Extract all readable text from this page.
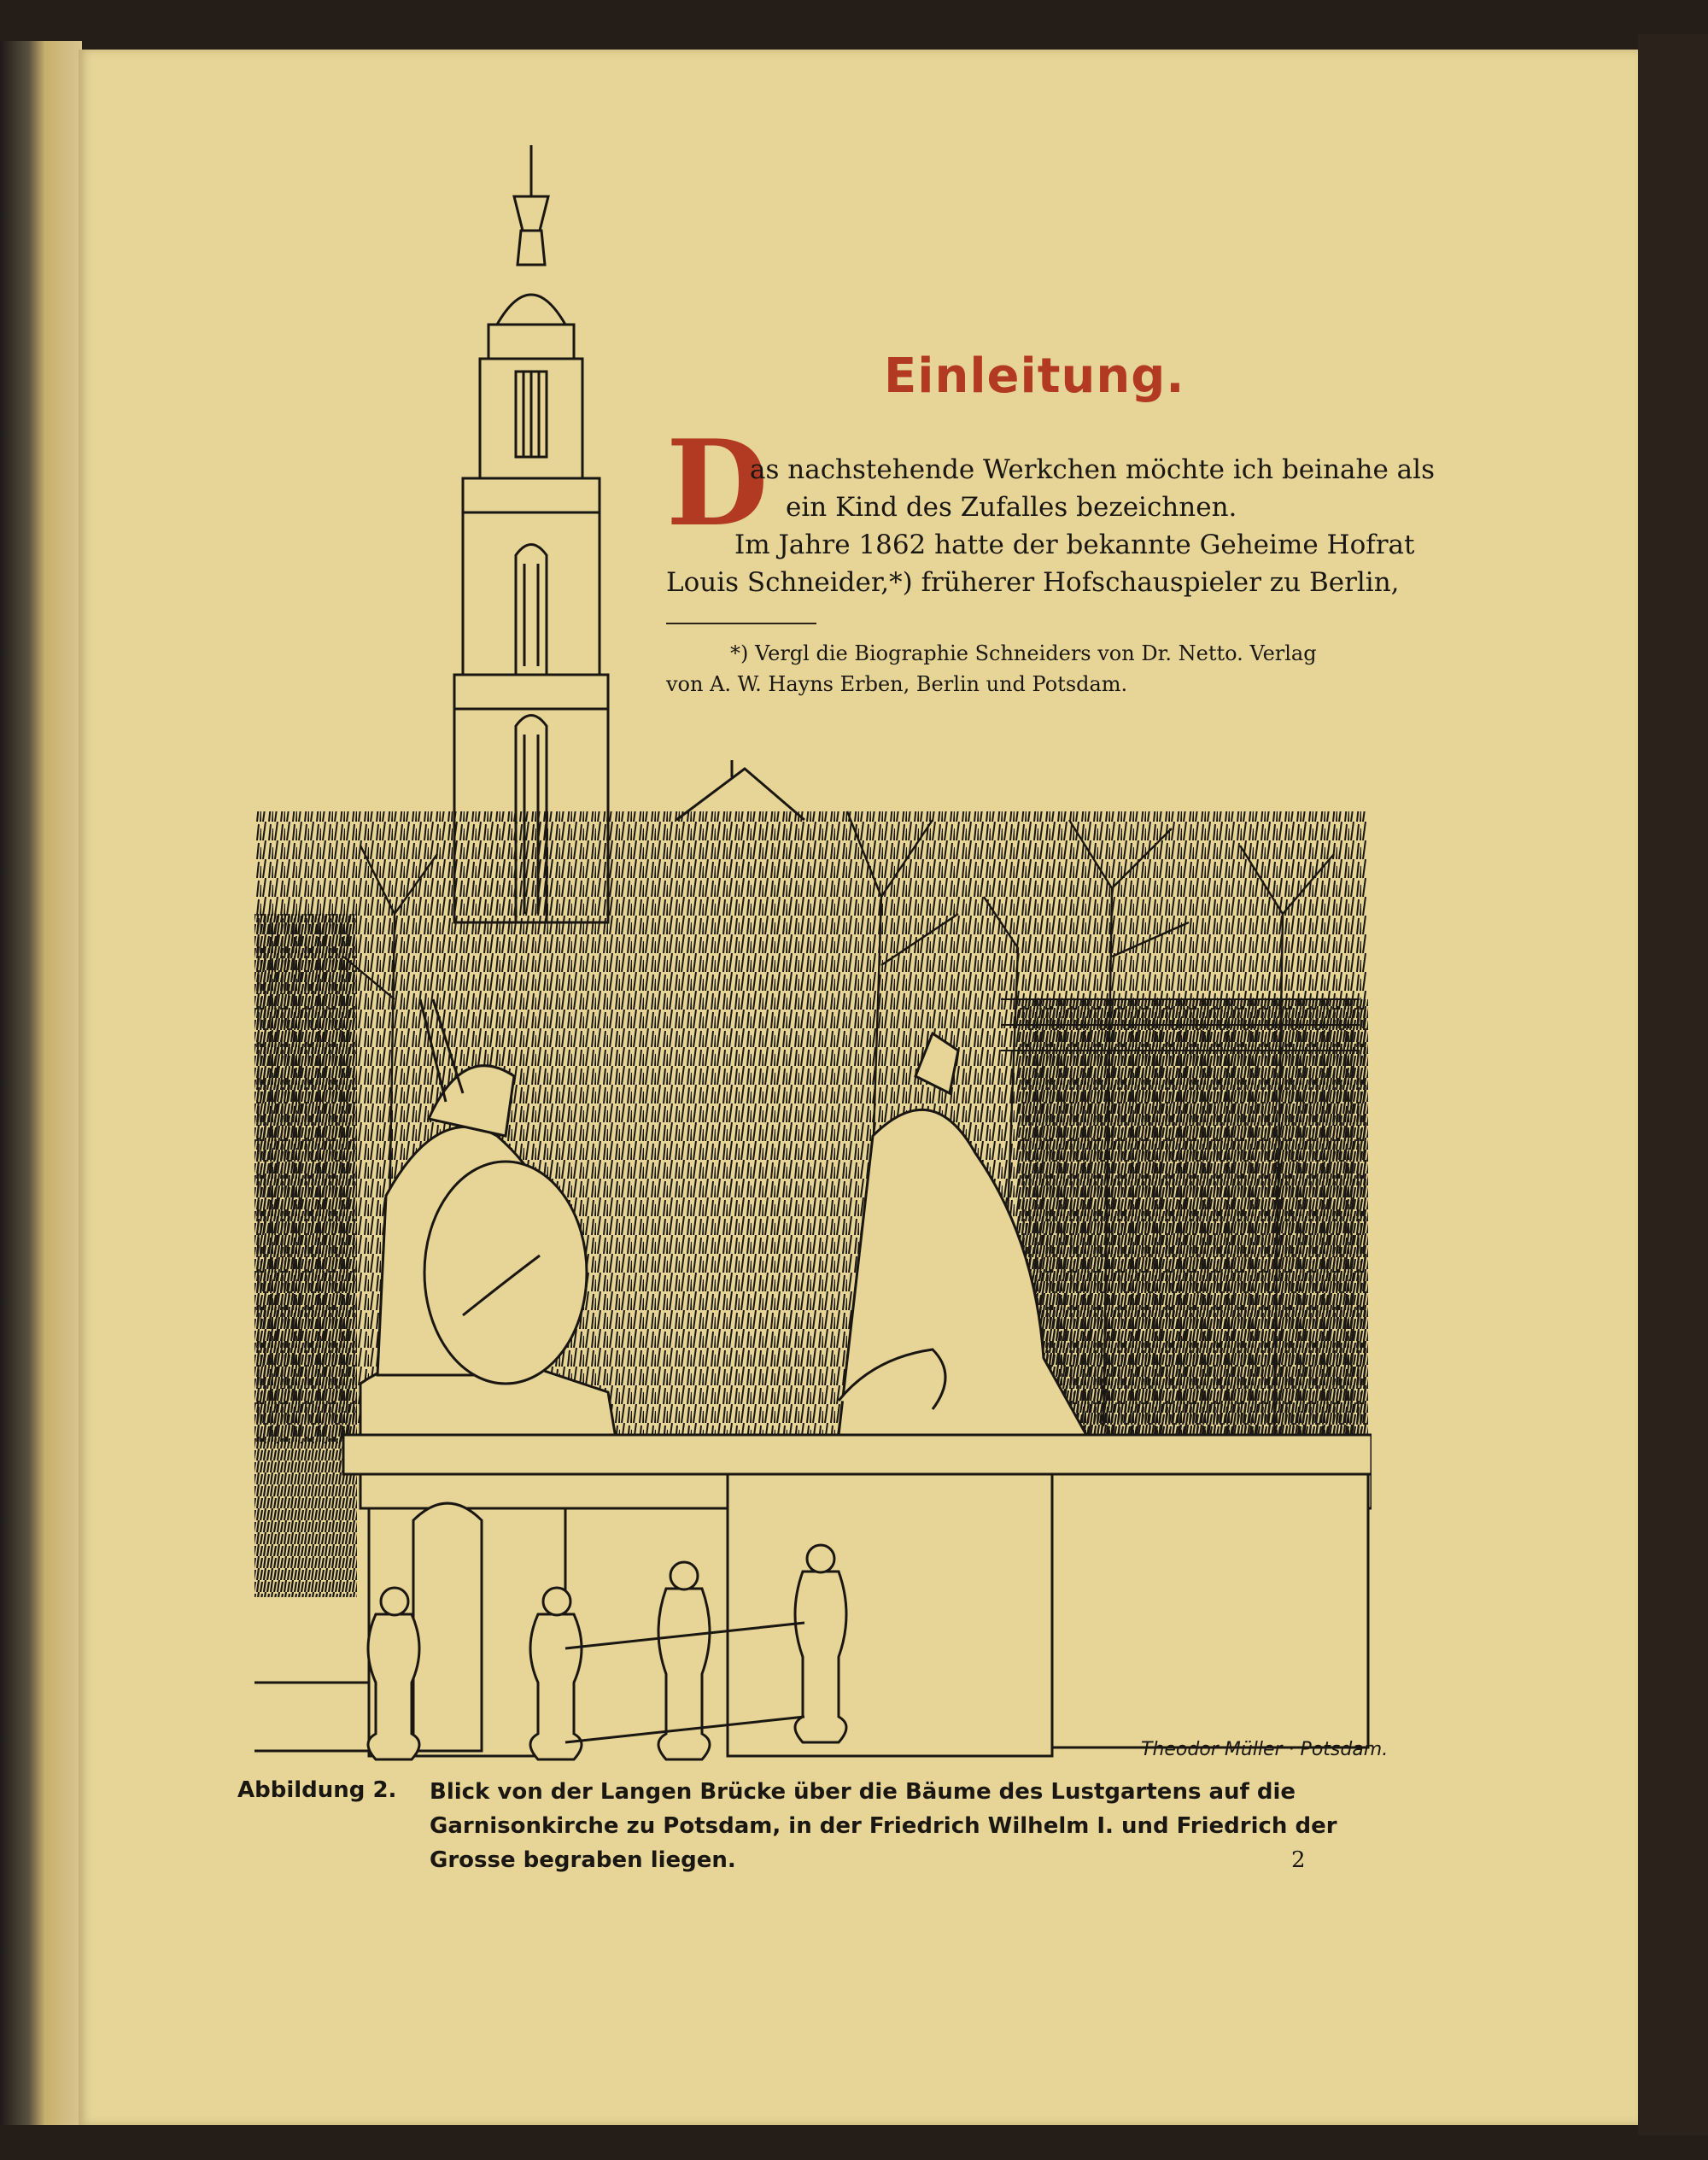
Einleitung.
D
as nachstehende Werkchen möchte ich beinahe als
ein Kind des Zufalles bezeichnen.
Im Jahre 1862 hatte der bekannte Geheime Hofrat
Louis Schneider,*) früherer Hofschauspieler zu Berlin,
*) Vergl die Biographie Schneiders von Dr. Netto. Verlag
von A. W. Hayns Erben, Berlin und Potsdam.
Theodor Müller · Potsdam.
Abbildung 2. Blick von der Langen Brücke über die Bäume des Lustgartens auf die
Garnisonkirche zu Potsdam, in der Friedrich Wilhelm I. und Friedrich der
Grosse begraben liegen.	2
